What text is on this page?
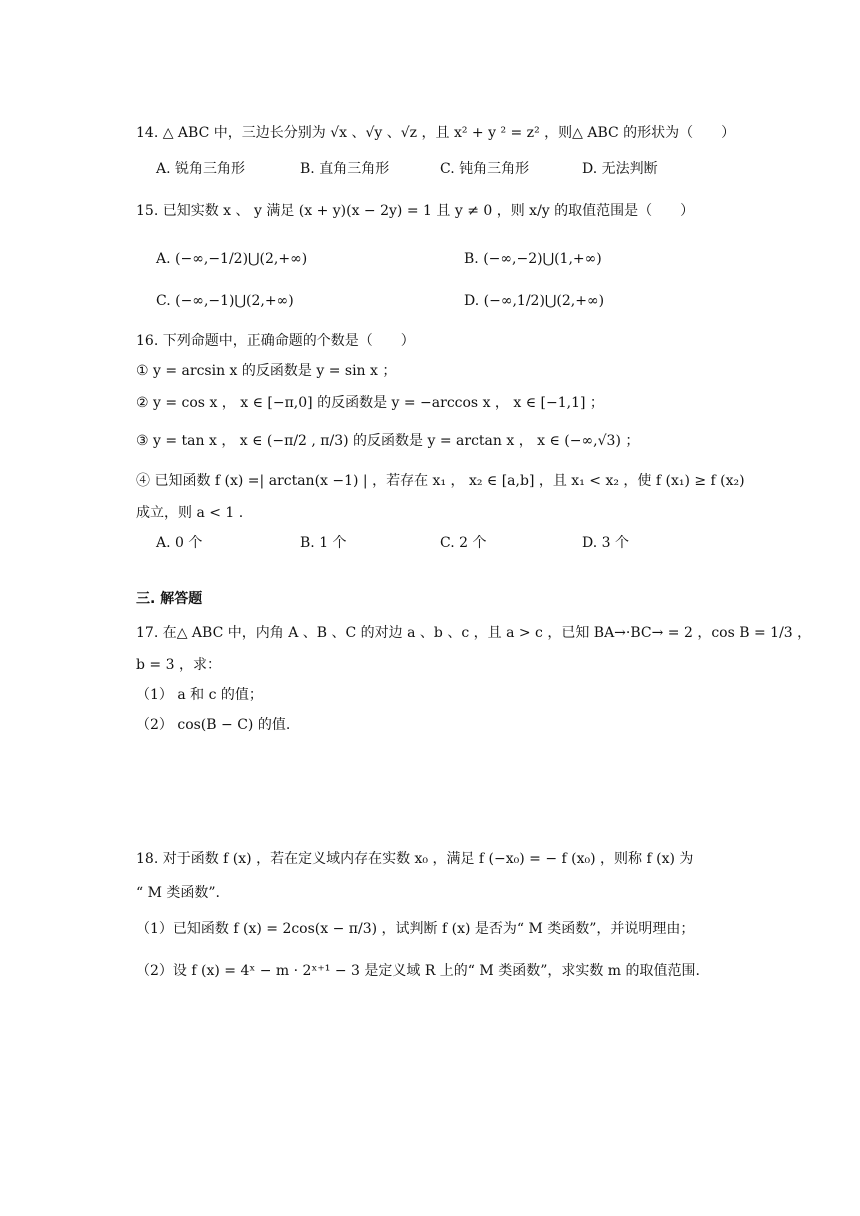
14. △ ABC 中，三边长分别为 √x 、√y 、√z ，且 x² + y ² = z² ，则△ ABC 的形状为（　　）
A. 锐角三角形	B. 直角三角形	C. 钝角三角形	D. 无法判断
15. 已知实数 x 、 y 满足 (x + y)(x − 2y) = 1 且 y ≠ 0 ，则 x/y 的取值范围是（　　）
A. (−∞,−1/2)⋃(2,+∞)	B. (−∞,−2)⋃(1,+∞)
C. (−∞,−1)⋃(2,+∞)	D. (−∞,1/2)⋃(2,+∞)
16. 下列命题中，正确命题的个数是（　　）
① y = arcsin x 的反函数是 y = sin x ；
② y = cos x ， x ∈ [−π,0] 的反函数是 y = −arccos x ， x ∈ [−1,1] ；
③ y = tan x ， x ∈ (−π/2 , π/3) 的反函数是 y = arctan x ， x ∈ (−∞,√3) ；
④ 已知函数 f (x) =| arctan(x −1) | ，若存在 x₁ ， x₂ ∈ [a,b] ，且 x₁ < x₂ ，使 f (x₁) ≥ f (x₂)
成立，则 a < 1 .
A. 0 个	B. 1 个	C. 2 个	D. 3 个
三. 解答题
17. 在△ ABC 中，内角 A 、B 、C 的对边 a 、b 、c ，且 a > c ，已知 BA→·BC→ = 2 ，cos B = 1/3 ，
b = 3 ，求：
（1） a 和 c 的值；
（2） cos(B − C) 的值.
18. 对于函数 f (x) ，若在定义域内存在实数 x₀ ，满足 f (−x₀) = − f (x₀) ，则称 f (x) 为
“ M 类函数”.
（1）已知函数 f (x) = 2cos(x − π/3) ，试判断 f (x) 是否为“ M 类函数”，并说明理由；
（2）设 f (x) = 4ˣ − m · 2ˣ⁺¹ − 3 是定义域 R 上的“ M 类函数”，求实数 m 的取值范围.
